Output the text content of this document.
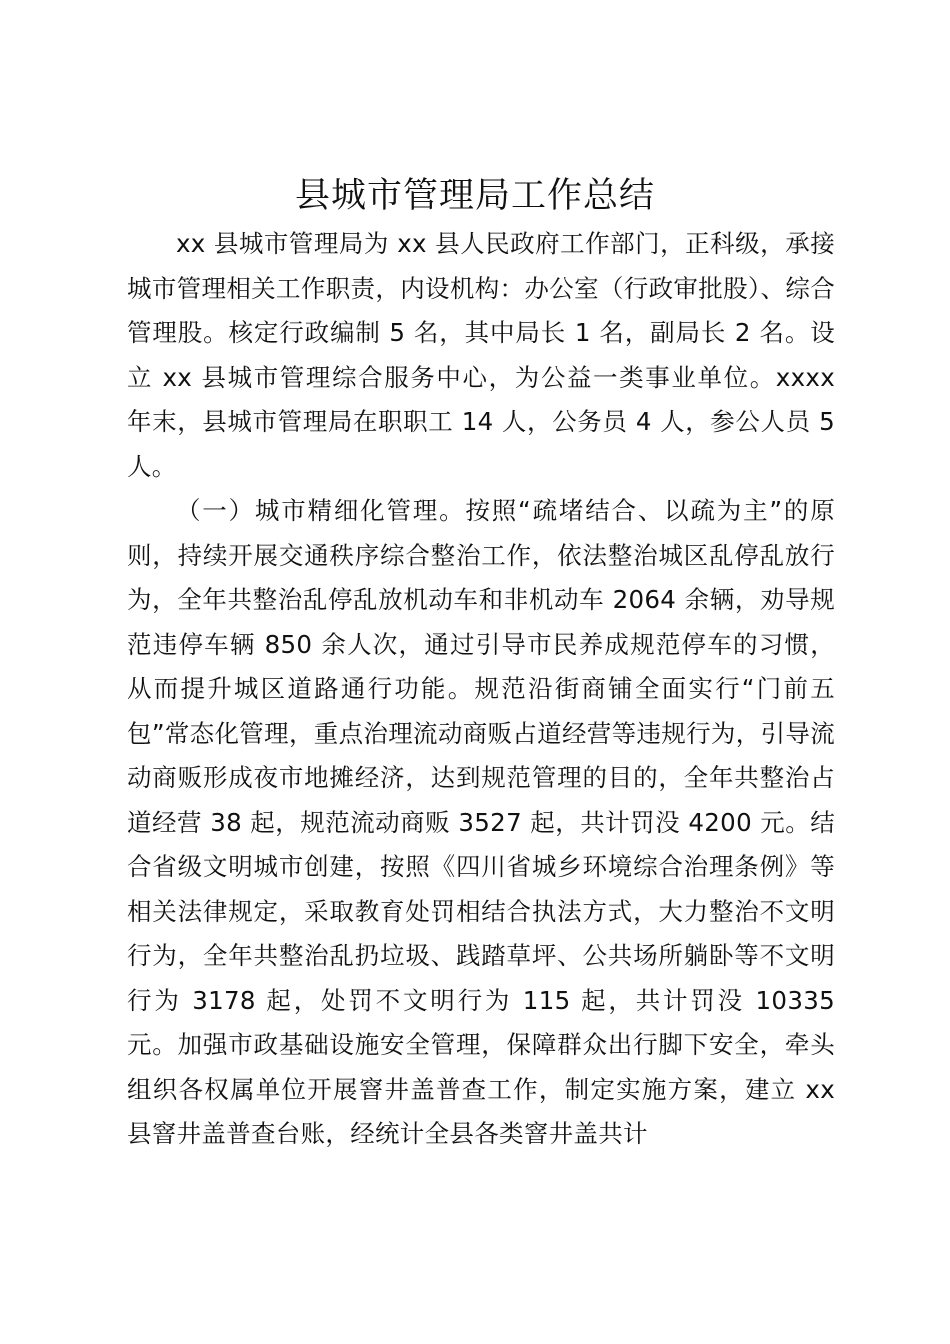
县城市管理局工作总结

xx 县城市管理局为 xx 县人民政府工作部门，正科级，承接城市管理相关工作职责，内设机构：办公室（行政审批股）、综合管理股。核定行政编制 5 名，其中局长 1 名，副局长 2 名。设立 xx 县城市管理综合服务中心，为公益一类事业单位。xxxx 年末，县城市管理局在职职工 14 人，公务员 4 人，参公人员 5 人。

（一）城市精细化管理。按照“疏堵结合、以疏为主”的原则，持续开展交通秩序综合整治工作，依法整治城区乱停乱放行为，全年共整治乱停乱放机动车和非机动车 2064 余辆，劝导规范违停车辆 850 余人次，通过引导市民养成规范停车的习惯，从而提升城区道路通行功能。规范沿街商铺全面实行“门前五包”常态化管理，重点治理流动商贩占道经营等违规行为，引导流动商贩形成夜市地摊经济，达到规范管理的目的，全年共整治占道经营 38 起，规范流动商贩 3527 起，共计罚没 4200 元。结合省级文明城市创建，按照《四川省城乡环境综合治理条例》等相关法律规定，采取教育处罚相结合执法方式，大力整治不文明行为，全年共整治乱扔垃圾、践踏草坪、公共场所躺卧等不文明行为 3178 起，处罚不文明行为 115 起，共计罚没 10335 元。加强市政基础设施安全管理，保障群众出行脚下安全，牵头组织各权属单位开展窨井盖普查工作，制定实施方案，建立 xx 县窨井盖普查台账，经统计全县各类窨井盖共计
